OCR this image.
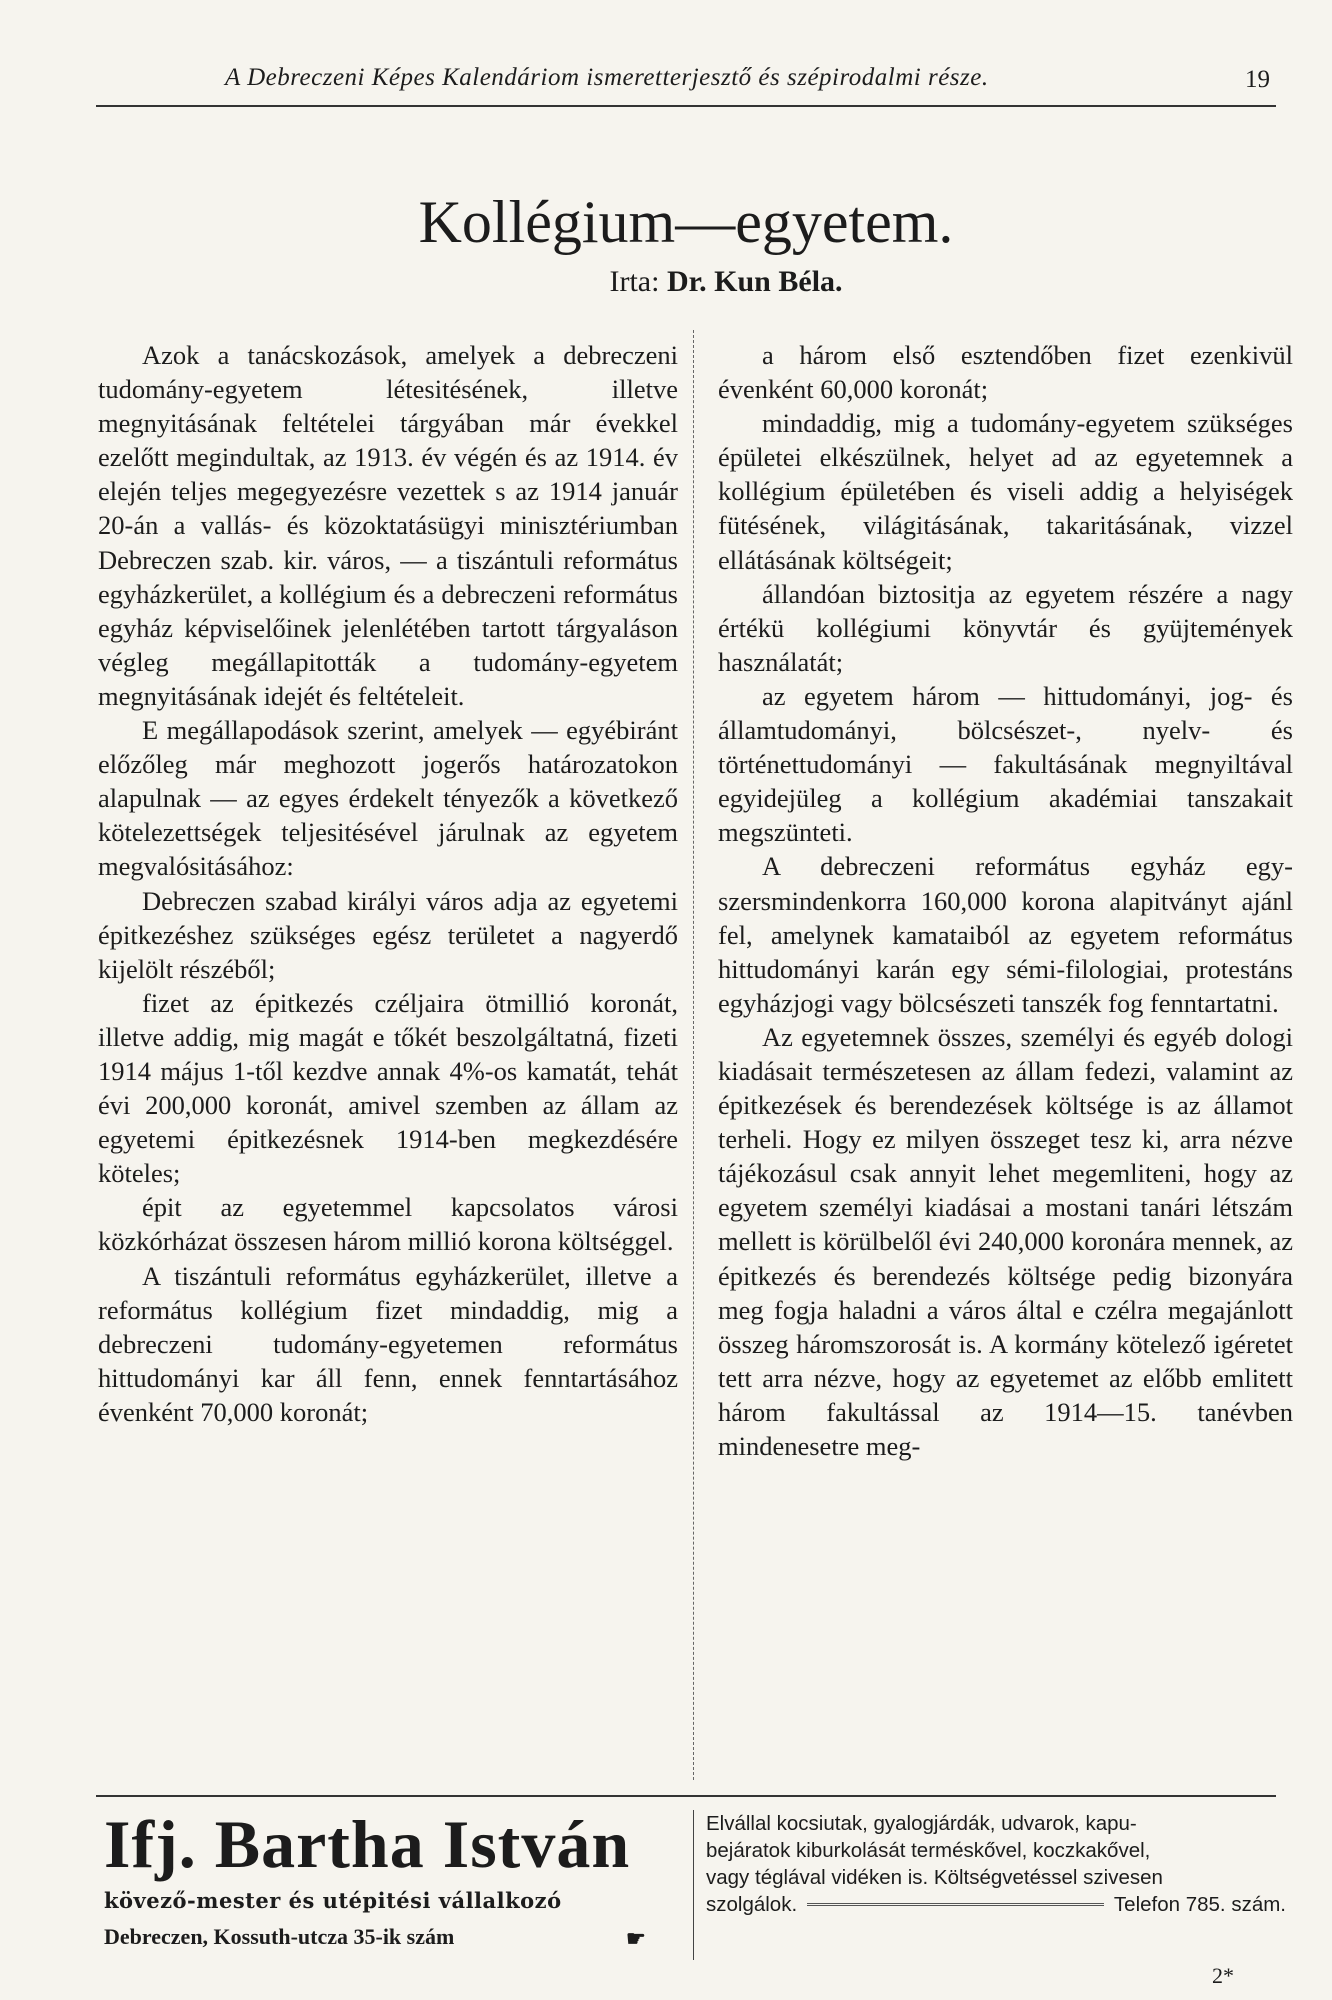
A Debreczeni Képes Kalendáriom ismeretterjesztő és szépirodalmi része.	19
Kollégium—egyetem.
Irta: Dr. Kun Béla.

Azok a tanácskozások, amelyek a debreczeni tudomány-egyetem létesitésének, illetve megnyitásának feltételei tárgyában már évekkel ezelőtt megindultak, az 1913. év végén és az 1914. év elején teljes megegyezésre vezettek s az 1914 január 20-án a vallás- és közoktatásügyi minisztériumban Debreczen szab. kir. város, — a tiszántuli református egyházkerület, a kollégium és a debreczeni református egyház képviselőinek jelenlétében tartott tárgyaláson végleg megállapitották a tudomány-egyetem megnyitásának idejét és feltételeit.

E megállapodások szerint, amelyek — egyébiránt előzőleg már meghozott jogerős határozatokon alapulnak — az egyes érdekelt tényezők a következő kötelezettségek teljesitésével járulnak az egyetem megvalósitásához:

Debreczen szabad királyi város adja az egyetemi épitkezéshez szükséges egész területet a nagyerdő kijelölt részéből;

fizet az épitkezés czéljaira ötmillió koronát, illetve addig, mig magát e tőkét beszolgáltatná, fizeti 1914 május 1-től kezdve annak 4%-os kamatát, tehát évi 200,000 koronát, amivel szemben az állam az egyetemi épitkezésnek 1914-ben megkezdésére köteles;

épit az egyetemmel kapcsolatos városi közkórházat összesen három millió korona költséggel.

A tiszántuli református egyházkerület, illetve a református kollégium fizet mindaddig, mig a debreczeni tudomány-egyetemen református hittudományi kar áll fenn, ennek fenntartásához évenként 70,000 koronát;

a három első esztendőben fizet ezenkivül évenként 60,000 koronát;

mindaddig, mig a tudomány-egyetem szükséges épületei elkészülnek, helyet ad az egyetemnek a kollégium épületében és viseli addig a helyiségek fütésének, világitásának, takaritásának, vizzel ellátásának költségeit;

állandóan biztositja az egyetem részére a nagy értékü kollégiumi könyvtár és gyüjtemények használatát;

az egyetem három — hittudományi, jog- és államtudományi, bölcsészet-, nyelv- és történettudományi — fakultásának megnyiltával egyidejüleg a kollégium akadémiai tanszakait megszünteti.

A debreczeni református egyház egyszersmindenkorra 160,000 korona alapitványt ajánl fel, amelynek kamataiból az egyetem református hittudományi karán egy sémi-filologiai, protestáns egyházjogi vagy bölcsészeti tanszék fog fenntartatni.

Az egyetemnek összes, személyi és egyéb dologi kiadásait természetesen az állam fedezi, valamint az épitkezések és berendezések költsége is az államot terheli. Hogy ez milyen összeget tesz ki, arra nézve tájékozásul csak annyit lehet megemliteni, hogy az egyetem személyi kiadásai a mostani tanári létszám mellett is körülbelől évi 240,000 koronára mennek, az épitkezés és berendezés költsége pedig bizonyára meg fogja haladni a város által e czélra megajánlott összeg háromszorosát is. A kormány kötelező igéretet tett arra nézve, hogy az egyetemet az előbb emlitett három fakultással az 1914—15. tanévben mindenesetre meg-

Ifj. Bartha István
kövező-mester és utépitési vállalkozó
Debreczen, Kossuth-utcza 35-ik szám	☛
Elvállal kocsiutak, gyalogjárdák, udvarok, kapu-
bejáratok kiburkolását terméskővel, koczkakővel,
vagy téglával vidéken is. Költségvetéssel szivesen
szolgálok.	Telefon 785. szám.
2*
